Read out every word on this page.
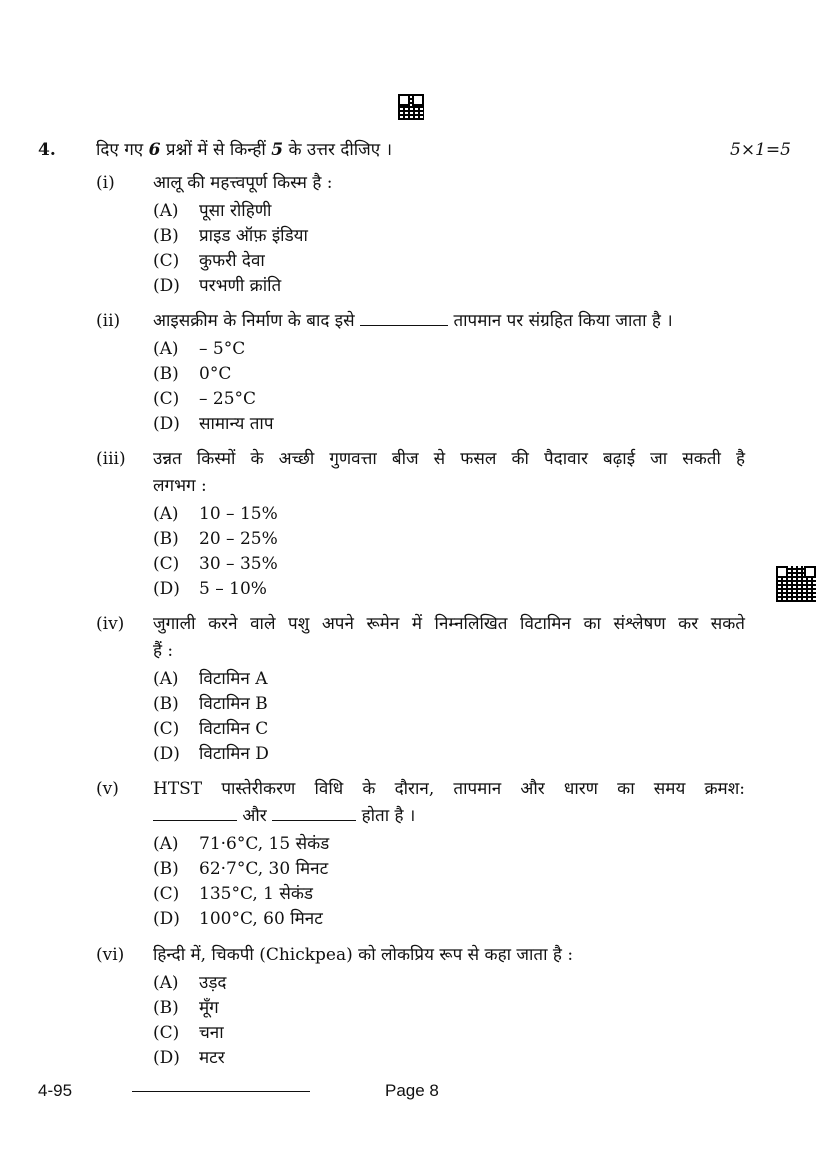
4. दिए गए 6 प्रश्नों में से किन्हीं 5 के उत्तर दीजिए ।	5×1=5
(i) आलू की महत्त्वपूर्ण किस्म है :
(A) पूसा रोहिणी
(B) प्राइड ऑफ़ इंडिया
(C) कुफरी देवा
(D) परभणी क्रांति
(ii) आइसक्रीम के निर्माण के बाद इसे	तापमान पर संग्रहित किया जाता है ।
(A) – 5°C
(B) 0°C
(C) – 25°C
(D) सामान्य ताप
(iii) उन्नत किस्मों के अच्छी गुणवत्ता बीज से फसल की पैदावार बढ़ाई जा सकती है
लगभग :
(A) 10 – 15%
(B) 20 – 25%
(C) 30 – 35%
(D) 5 – 10%
(iv) जुगाली करने वाले पशु अपने रूमेन में निम्नलिखित विटामिन का संश्लेषण कर सकते
हैं :
(A) विटामिन A
(B) विटामिन B
(C) विटामिन C
(D) विटामिन D
(v) HTST पास्तेरीकरण विधि के दौरान, तापमान और धारण का समय क्रमश:
और	होता है ।
(A) 71·6°C, 15 सेकंड
(B) 62·7°C, 30 मिनट
(C) 135°C, 1 सेकंड
(D) 100°C, 60 मिनट
(vi) हिन्दी में, चिकपी (Chickpea) को लोकप्रिय रूप से कहा जाता है :
(A) उड़द
(B) मूँग
(C) चना
(D) मटर
4-95	Page 8
